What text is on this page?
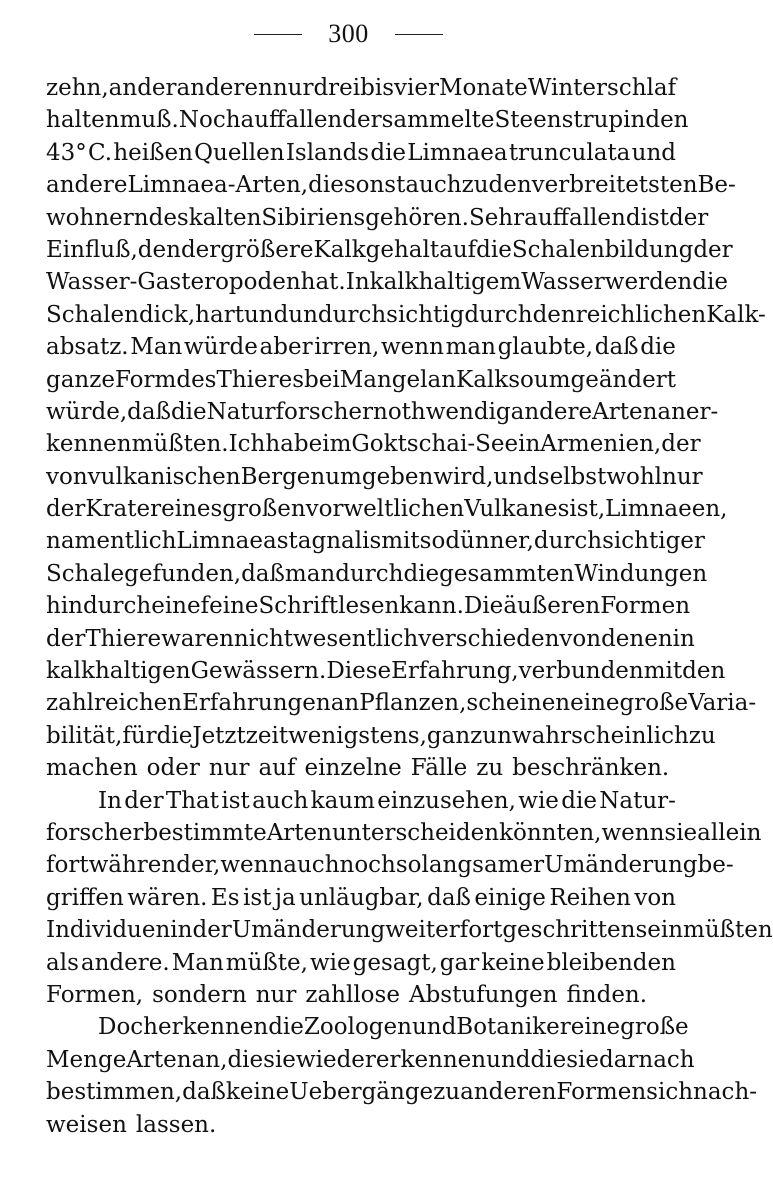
300
zehn, an der anderen nur drei bis vier Monate Winterschlaf
halten muß. Noch auffallender sammelte Steenstrup in den
43° C. heißen Quellen Islands die Limnaea trunculata und
andere Limnaea-Arten, die sonst auch zu den verbreitetsten Be-
wohnern des kalten Sibiriens gehören. Sehr auffallend ist der
Einfluß, den der größere Kalkgehalt auf die Schalenbildung der
Wasser-Gasteropoden hat. In kalkhaltigem Wasser werden die
Schalen dick, hart und undurchsichtig durch den reichlichen Kalk-
absatz. Man würde aber irren, wenn man glaubte, daß die
ganze Form des Thieres bei Mangel an Kalk so umgeändert
würde, daß die Naturforscher nothwendig andere Arten aner-
kennen müßten. Ich habe im Goktschai-See in Armenien, der
von vulkanischen Bergen umgeben wird, und selbst wohl nur
der Krater eines großen vorweltlichen Vulkanes ist, Limnaeen,
namentlich Limnaea stagnalis mit so dünner, durchsichtiger
Schale gefunden, daß man durch die gesammten Windungen
hindurch eine feine Schrift lesen kann. Die äußeren Formen
der Thiere waren nicht wesentlich verschieden von denen in
kalkhaltigen Gewässern. Diese Erfahrung, verbunden mit den
zahlreichen Erfahrungen an Pflanzen, scheinen eine große Varia-
bilität, für die Jetztzeit wenigstens, ganz unwahrscheinlich zu
machen oder nur auf einzelne Fälle zu beschränken.
In der That ist auch kaum einzusehen, wie die Natur-
forscher bestimmte Arten unterscheiden könnten, wenn sie alle in
fortwährender, wenn auch noch so langsamer Umänderung be-
griffen wären. Es ist ja unläugbar, daß einige Reihen von
Individuen in der Umänderung weiter fortgeschritten sein müßten
als andere. Man müßte, wie gesagt, gar keine bleibenden
Formen, sondern nur zahllose Abstufungen finden.
Doch erkennen die Zoologen und Botaniker eine große
Menge Arten an, die sie wiedererkennen und die sie darnach
bestimmen, daß keine Uebergänge zu anderen Formen sich nach-
weisen lassen.
